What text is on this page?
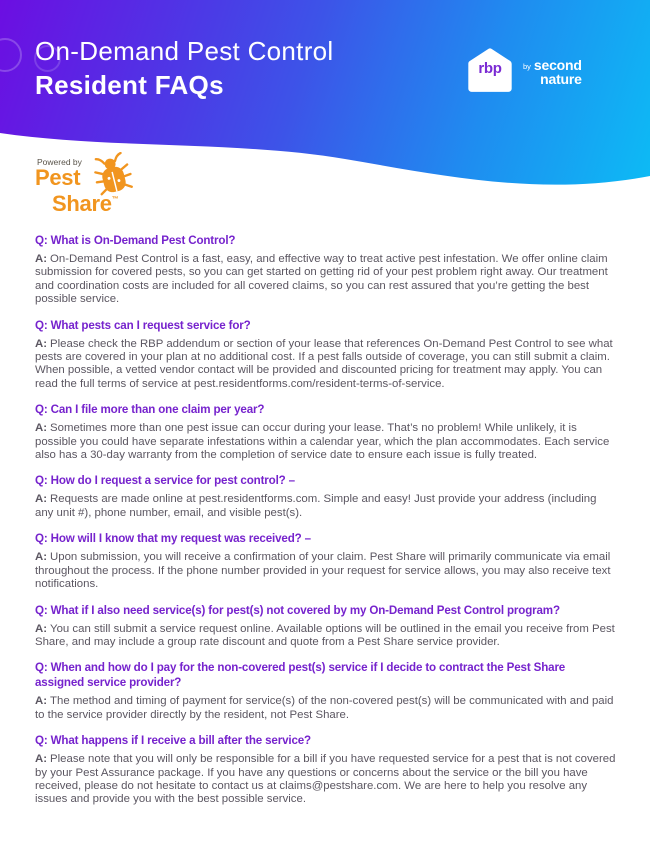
On-Demand Pest Control
Resident FAQs
rbp	by second
nature
Powered by
Pest
Share™
Q: What is On-Demand Pest Control?

A: On-Demand Pest Control is a fast, easy, and effective way to treat active pest infestation. We offer online claim submission for covered pests, so you can get started on getting rid of your pest problem right away. Our treatment and coordination costs are included for all covered claims, so you can rest assured that you’re getting the best possible service.

Q: What pests can I request service for?

A: Please check the RBP addendum or section of your lease that references On-Demand Pest Control to see what pests are covered in your plan at no additional cost. If a pest falls outside of coverage, you can still submit a claim. When possible, a vetted vendor contact will be provided and discounted pricing for treatment may apply. You can read the full terms of service at pest.residentforms.com/resident-terms-of-service.

Q: Can I file more than one claim per year?

A: Sometimes more than one pest issue can occur during your lease. That’s no problem! While unlikely, it is possible you could have separate infestations within a calendar year, which the plan accommodates. Each service also has a 30-day warranty from the completion of service date to ensure each issue is fully treated.

Q: How do I request a service for pest control? –

A: Requests are made online at pest.residentforms.com. Simple and easy! Just provide your address (including any unit #), phone number, email, and visible pest(s).

Q: How will I know that my request was received? –

A: Upon submission, you will receive a confirmation of your claim. Pest Share will primarily communicate via email throughout the process. If the phone number provided in your request for service allows, you may also receive text notifications.

Q: What if I also need service(s) for pest(s) not covered by my On-Demand Pest Control program?

A: You can still submit a service request online. Available options will be outlined in the email you receive from Pest Share, and may include a group rate discount and quote from a Pest Share service provider.

Q: When and how do I pay for the non-covered pest(s) service if I decide to contract the Pest Share assigned service provider?

A: The method and timing of payment for service(s) of the non-covered pest(s) will be communicated with and paid to the service provider directly by the resident, not Pest Share.

Q: What happens if I receive a bill after the service?

A: Please note that you will only be responsible for a bill if you have requested service for a pest that is not covered by your Pest Assurance package. If you have any questions or concerns about the service or the bill you have received, please do not hesitate to contact us at claims@pestshare.com. We are here to help you resolve any issues and provide you with the best possible service.
